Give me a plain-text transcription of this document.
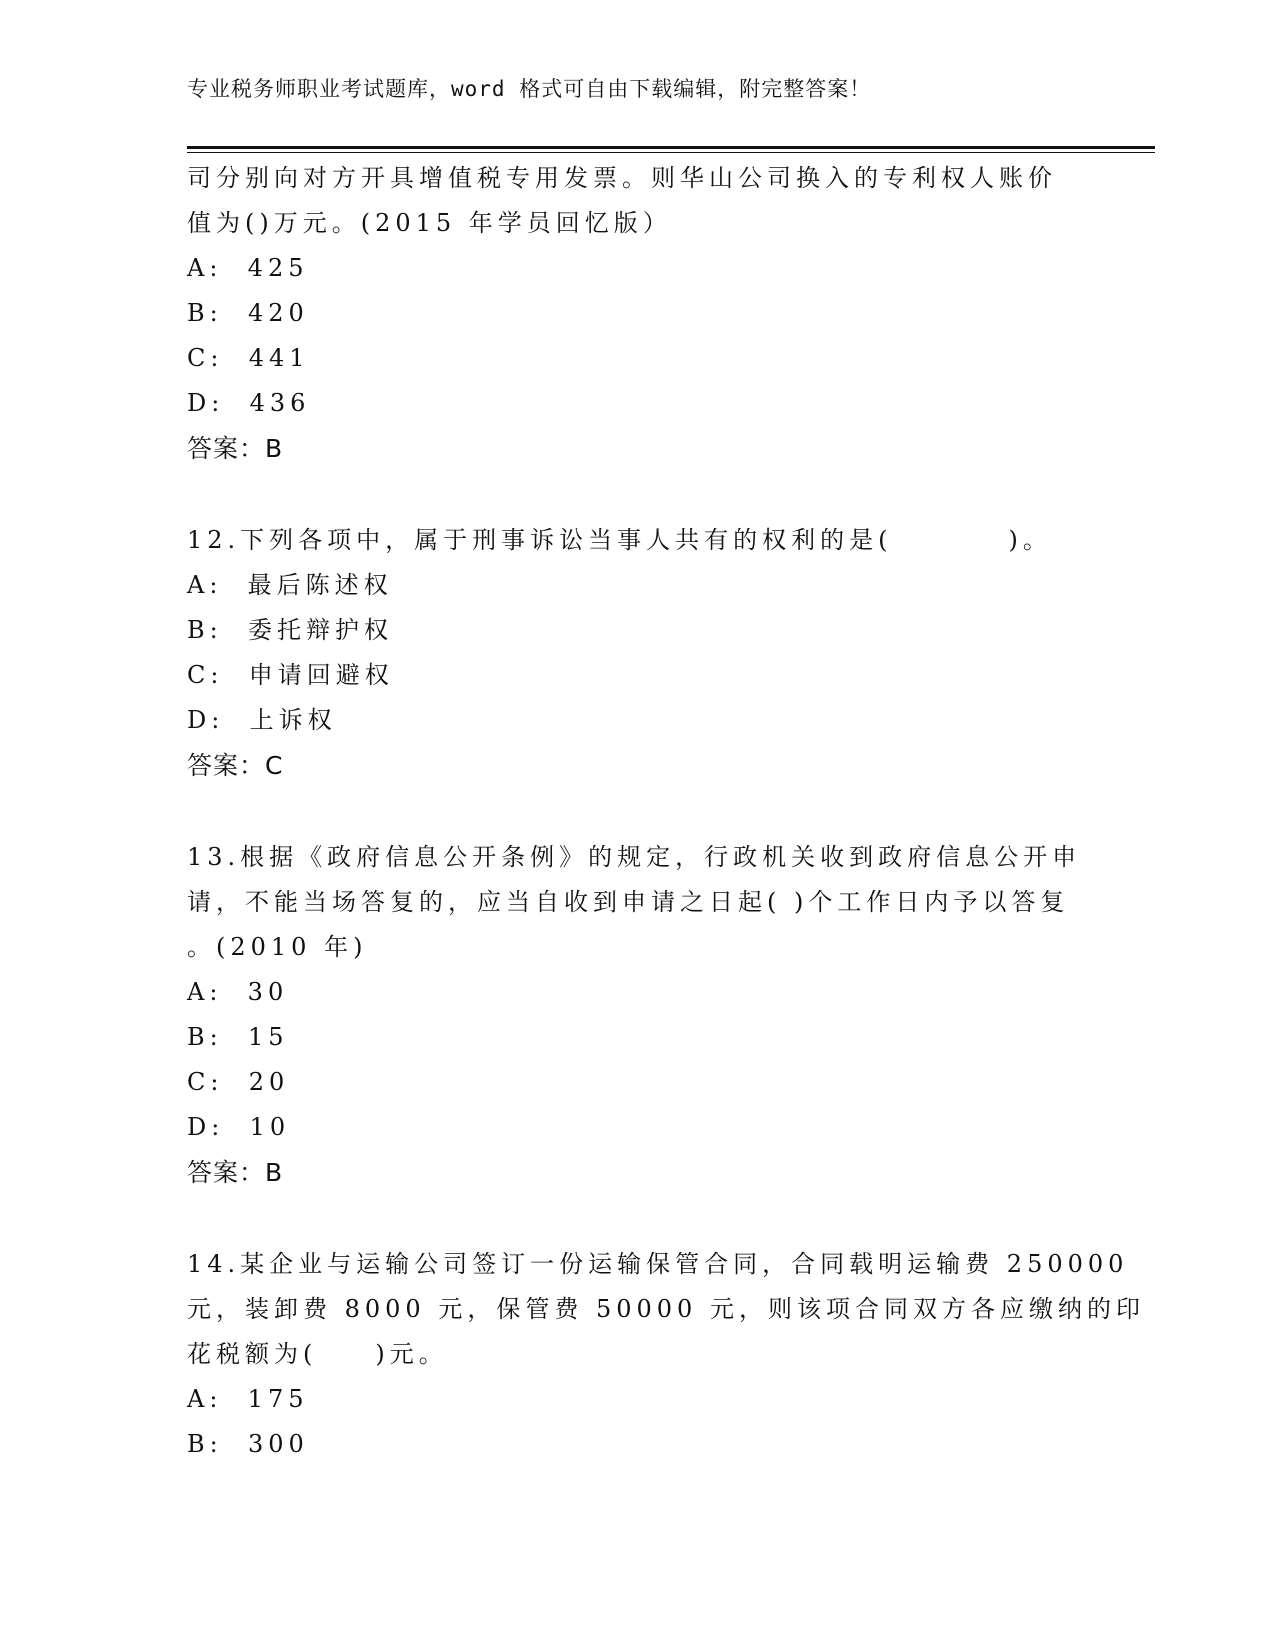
专业税务师职业考试题库，word 格式可自由下载编辑，附完整答案！
司分别向对方开具增值税专用发票。则华山公司换入的专利权人账价
值为()万元。(2015 年学员回忆版）
A:  425
B:  420
C:  441
D:  436
答案：B
12.下列各项中，属于刑事诉讼当事人共有的权利的是(　　　　)。
A:  最后陈述权
B:  委托辩护权
C:  申请回避权
D:  上诉权
答案：C
13.根据《政府信息公开条例》的规定，行政机关收到政府信息公开申
请，不能当场答复的，应当自收到申请之日起( )个工作日内予以答复
。(2010 年)
A:  30
B:  15
C:  20
D:  10
答案：B
14.某企业与运输公司签订一份运输保管合同，合同载明运输费 250000
元，装卸费 8000 元，保管费 50000 元，则该项合同双方各应缴纳的印
花税额为(　　)元。
A:  175
B:  300
